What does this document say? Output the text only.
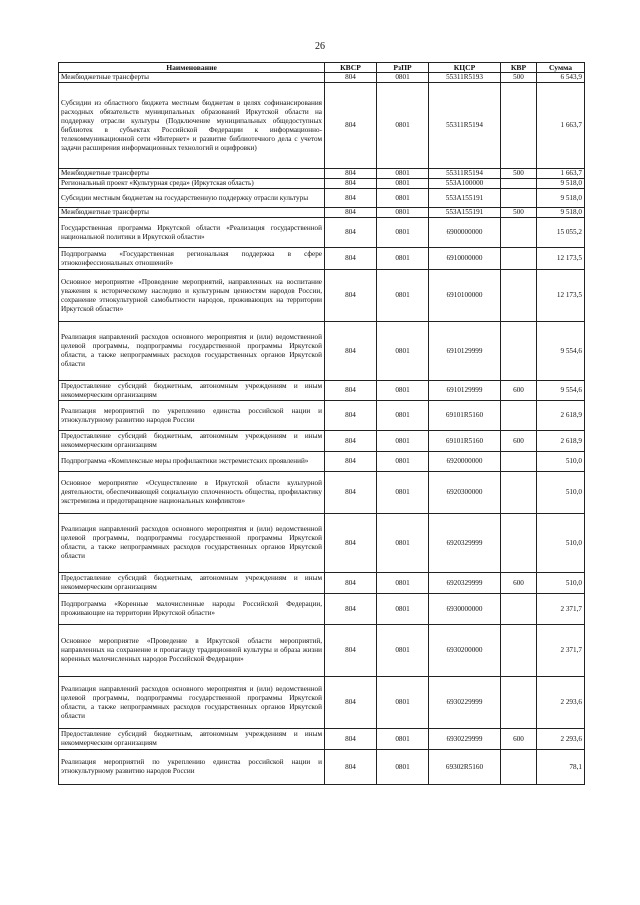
26
Наименование	КВСР	РзПР	КЦСР	КВР	Сумма
Межбюджетные трансферты	804	0801	55311R5193	500	6 543,9
Субсидии из областного бюджета местным бюджетам в целях софинансирования расходных обязательств муниципальных образований Иркутской области на поддержку отрасли культуры (Подключение муниципальных общедоступных библиотек в субъектах Российской Федерации к информационно-телекоммуникационной сети «Интернет» и развитие библиотечного дела с учетом задачи расширения информационных технологий и оцифровки)	804	0801	55311R5194		1 663,7
Межбюджетные трансферты	804	0801	55311R5194	500	1 663,7
Региональный проект «Культурная среда» (Иркутская область)	804	0801	553A100000		9 518,0
Субсидии местным бюджетам на государственную поддержку отрасли культуры	804	0801	553A155191		9 518,0
Межбюджетные трансферты	804	0801	553A155191	500	9 518,0
Государственная программа Иркутской области «Реализация государственной национальной политики в Иркутской области»	804	0801	6900000000		15 055,2
Подпрограмма «Государственная региональная поддержка в сфере этноконфессиональных отношений»	804	0801	6910000000		12 173,5
Основное мероприятие «Проведение мероприятий, направленных на воспитание уважения к историческому наследию и культурным ценностям народов России, сохранение этнокультурной самобытности народов, проживающих на территории Иркутской области»	804	0801	6910100000		12 173,5
Реализация направлений расходов основного мероприятия и (или) ведомственной целевой программы, подпрограммы государственной программы Иркутской области, а также непрограммных расходов государственных органов Иркутской области	804	0801	6910129999		9 554,6
Предоставление субсидий бюджетным, автономным учреждениям и иным некоммерческим организациям	804	0801	6910129999	600	9 554,6
Реализация мероприятий по укреплению единства российской нации и этнокультурному развитию народов России	804	0801	69101R5160		2 618,9
Предоставление субсидий бюджетным, автономным учреждениям и иным некоммерческим организациям	804	0801	69101R5160	600	2 618,9
Подпрограмма «Комплексные меры профилактики экстремистских проявлений»	804	0801	6920000000		510,0
Основное мероприятие «Осуществление в Иркутской области культурной деятельности, обеспечивающей социальную сплоченность общества, профилактику экстремизма и предотвращение национальных конфликтов»	804	0801	6920300000		510,0
Реализация направлений расходов основного мероприятия и (или) ведомственной целевой программы, подпрограммы государственной программы Иркутской области, а также непрограммных расходов государственных органов Иркутской области	804	0801	6920329999		510,0
Предоставление субсидий бюджетным, автономным учреждениям и иным некоммерческим организациям	804	0801	6920329999	600	510,0
Подпрограмма «Коренные малочисленные народы Российской Федерации, проживающие на территории Иркутской области»	804	0801	6930000000		2 371,7
Основное мероприятие «Проведение в Иркутской области мероприятий, направленных на сохранение и пропаганду традиционной культуры и образа жизни коренных малочисленных народов Российской Федерации»	804	0801	6930200000		2 371,7
Реализация направлений расходов основного мероприятия и (или) ведомственной целевой программы, подпрограммы государственной программы Иркутской области, а также непрограммных расходов государственных органов Иркутской области	804	0801	6930229999		2 293,6
Предоставление субсидий бюджетным, автономным учреждениям и иным некоммерческим организациям	804	0801	6930229999	600	2 293,6
Реализация мероприятий по укреплению единства российской нации и этнокультурному развитию народов России	804	0801	69302R5160		78,1
